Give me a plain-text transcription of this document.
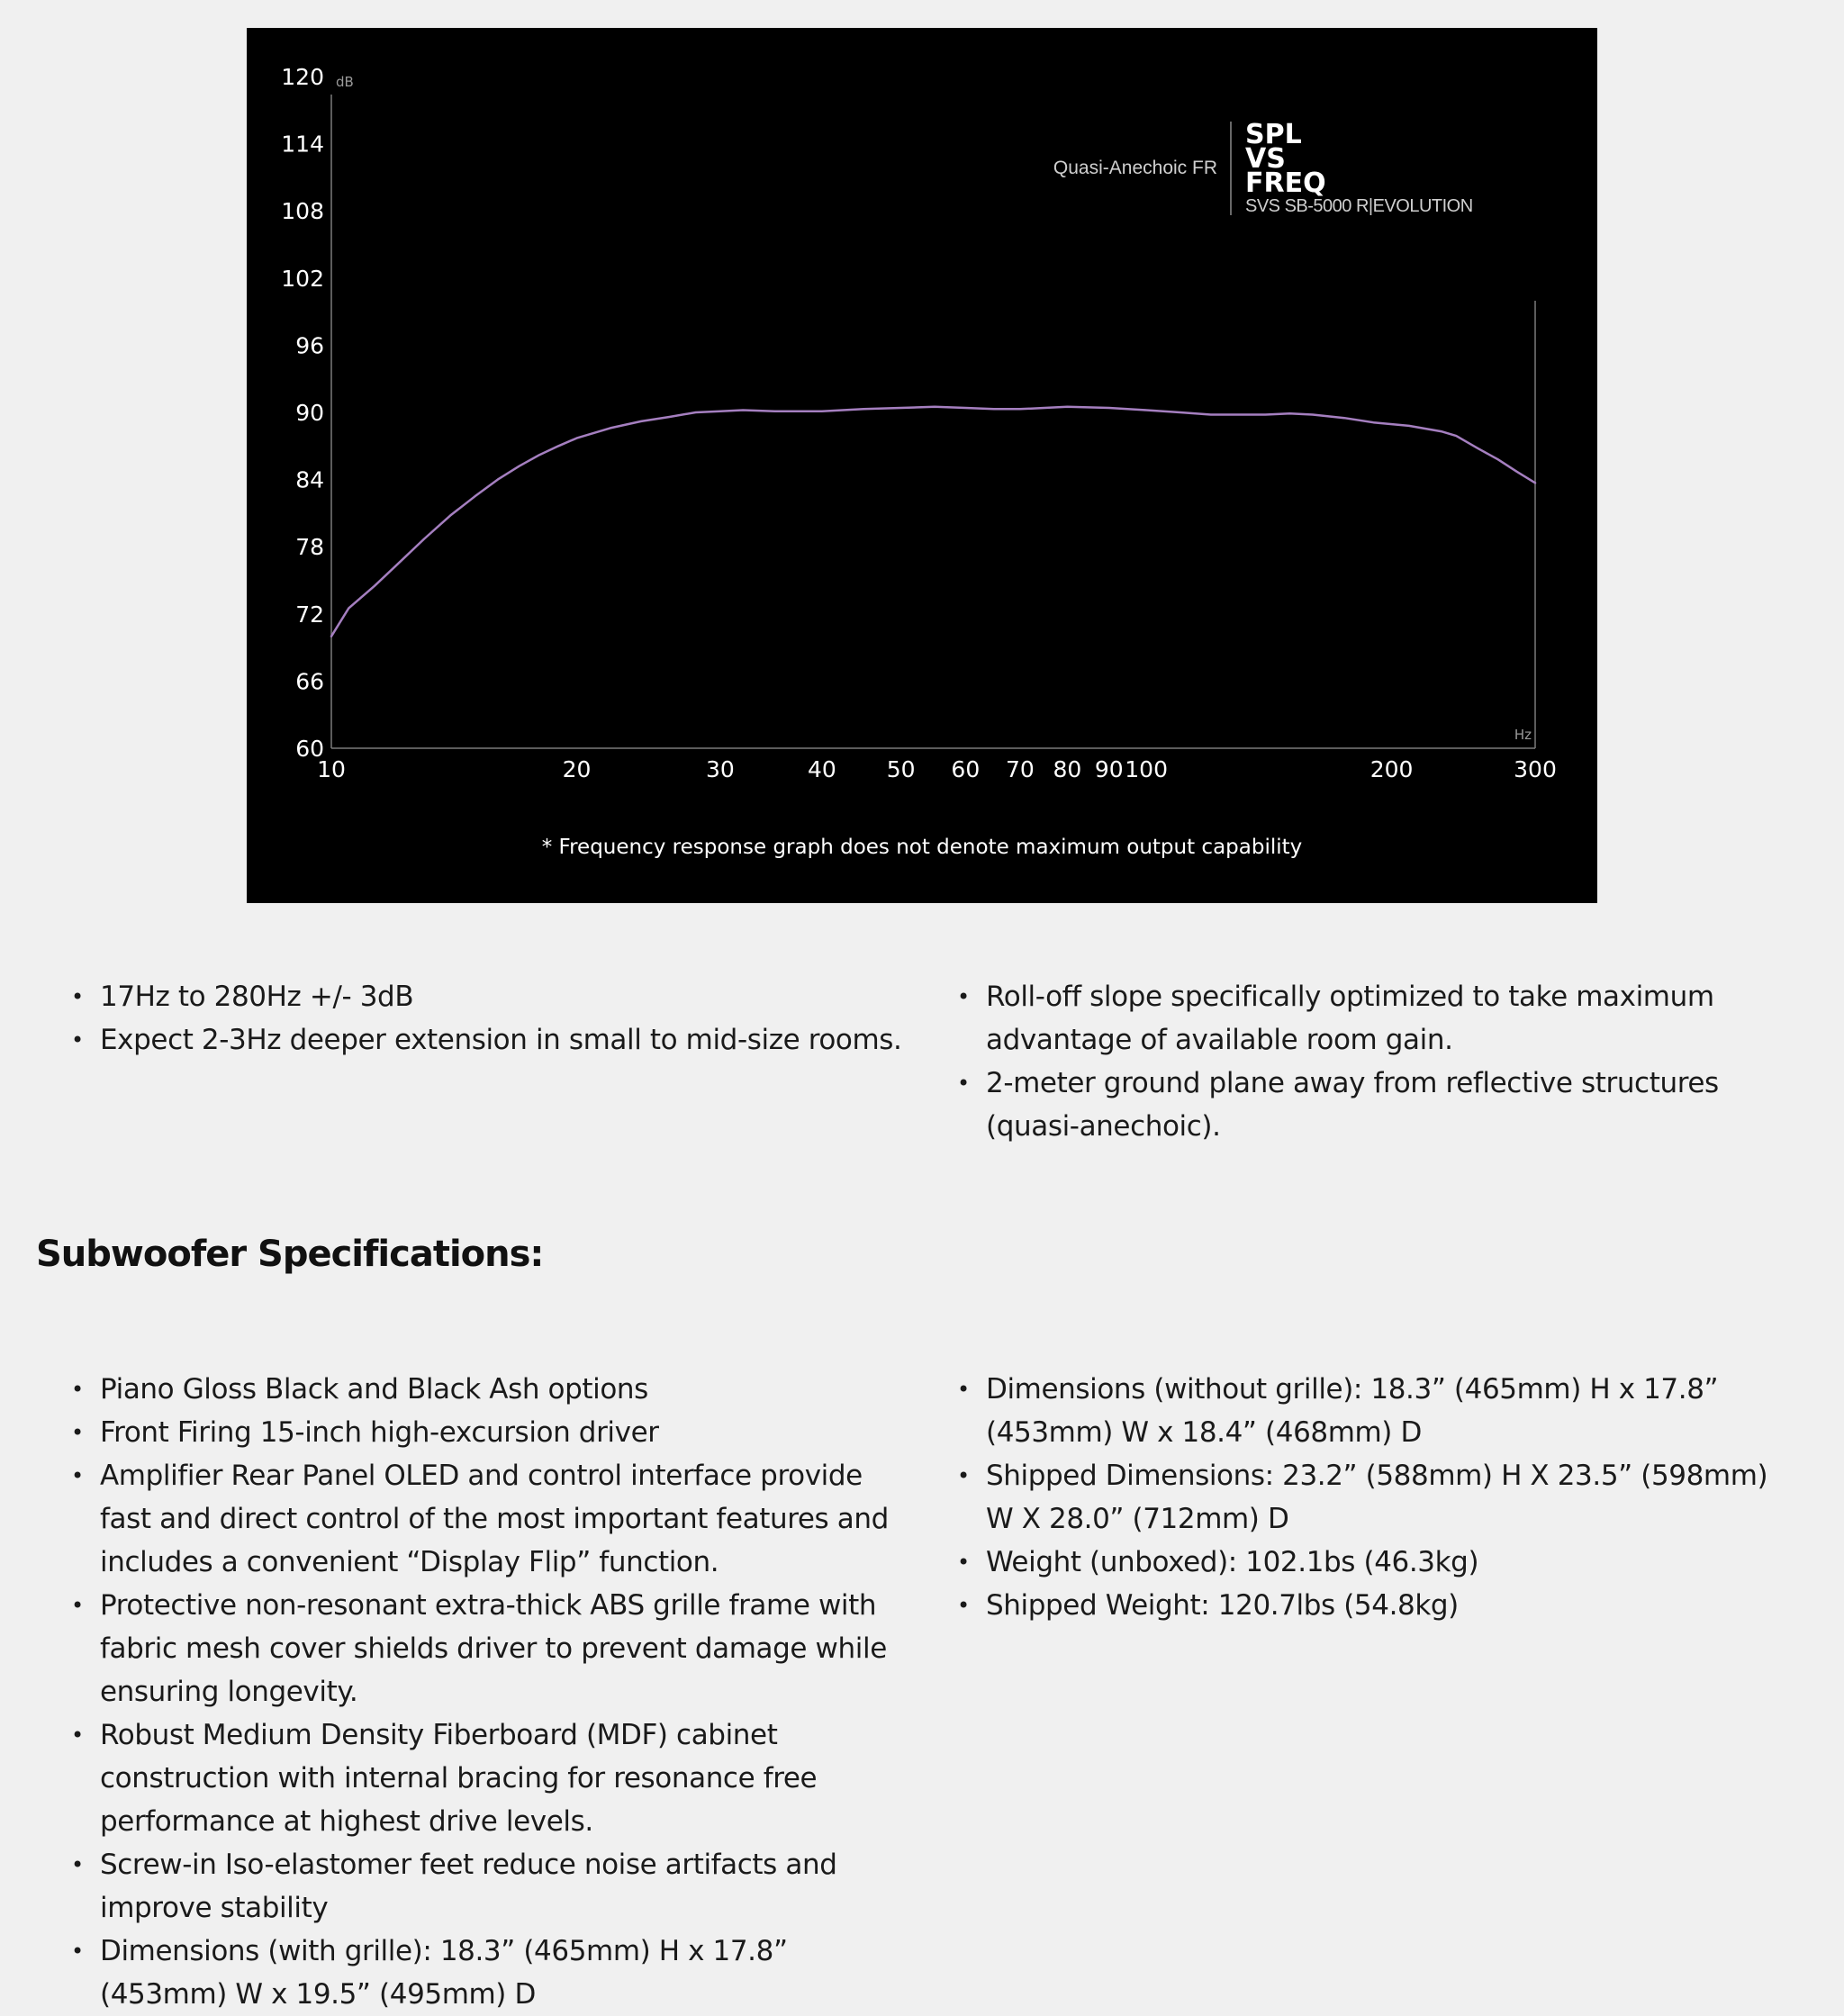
60
66
72
78
84
90
96
102
108
114
120
10	20	30	40 50 60 70 80 90 100	200	300
dB
Hz
Quasi-Anechoic FR
SPL
VS
FREQ
SVS SB-5000 R|EVOLUTION
* Frequency response graph does not denote maximum output capability
• 17Hz to 280Hz +/- 3dB
• Expect 2-3Hz deeper extension in small to mid-size rooms.
• Roll-off slope specifically optimized to take maximum advantage of available room gain.
• 2-meter ground plane away from reflective structures (quasi-anechoic).
Subwoofer Specifications:
• Piano Gloss Black and Black Ash options
• Front Firing 15-inch high-excursion driver
• Amplifier Rear Panel OLED and control interface provide fast and direct control of the most important features and includes a convenient “Display Flip” function.
• Protective non-resonant extra-thick ABS grille frame with fabric mesh cover shields driver to prevent damage while ensuring longevity.
• Robust Medium Density Fiberboard (MDF) cabinet construction with internal bracing for resonance free performance at highest drive levels.
• Screw-in Iso-elastomer feet reduce noise artifacts and improve stability
• Dimensions (with grille): 18.3” (465mm) H x 17.8” (453mm) W x 19.5” (495mm) D
• Dimensions (without grille): 18.3” (465mm) H x 17.8” (453mm) W x 18.4” (468mm) D
• Shipped Dimensions: 23.2” (588mm) H X 23.5” (598mm) W X 28.0” (712mm) D
• Weight (unboxed): 102.1bs (46.3kg)
• Shipped Weight: 120.7lbs (54.8kg)
